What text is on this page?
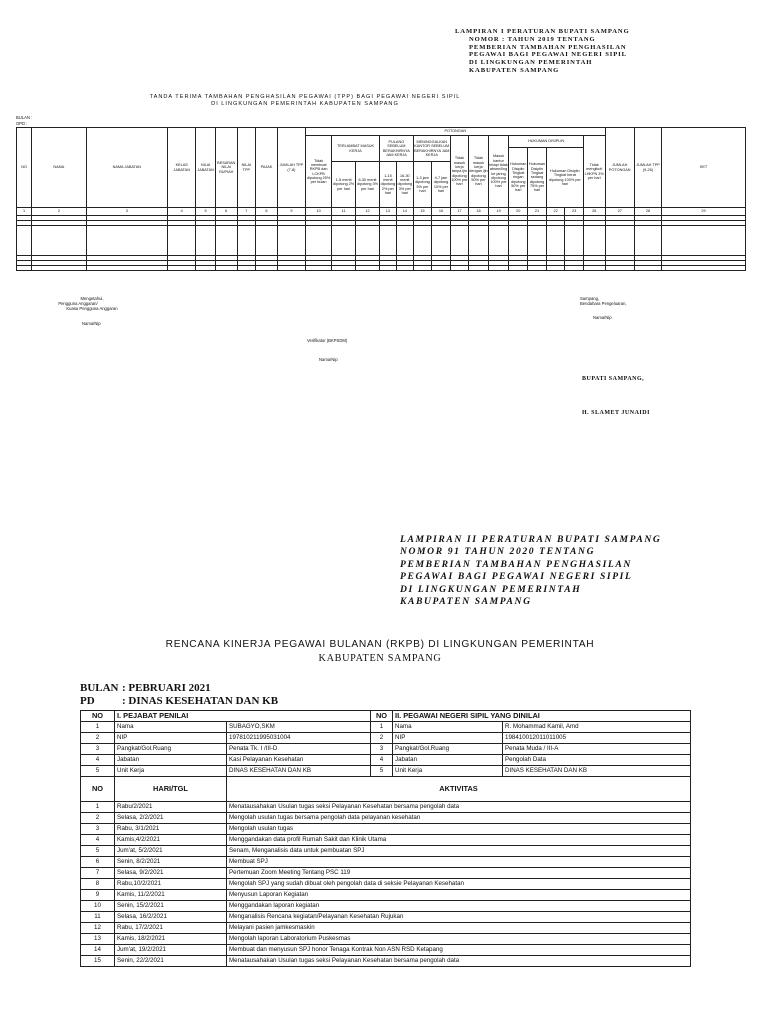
LAMPIRAN I PERATURAN BUPATI SAMPANG
NOMOR : TAHUN 2019 TENTANG
PEMBERIAN TAMBAHAN PENGHASILAN
PEGAWAI BAGI PEGAWAI NEGERI SIPIL
DI LINGKUNGAN PEMERINTAH
KABUPATEN SAMPANG
TANDA TERIMA TAMBAHAN PENGHASILAN PEGAWAI (TPP) BAGI PEGAWAI NEGERI SIPIL
DI LINGKUNGAN PEMERINTAH KABUPATEN SAMPANG
BULAN :
OPD :
NO	NAMA	NAMA JABATAN	KELAS JABATAN	NILAI JABATAN	BESARAN NILAI RUPIAH	NILAI TPP	PAJAK	JUMLAH TPP (7-8)	POTONGAN															JUMLAH POTONGAN	JUMLAH TPP (9-26)	KET
									Tidak membuat RKPB dan LCKPB dipotong 25% per bulan	TERLAMBAT MASUK KERJA		PULANG SEBELUM BERAKHIRNYA JAM KERJA		MENINGGALKAN KANTOR SEBELUM BERAKHIRNYA JAM KERJA		Tidak masuk kerja tanpa ijin dipotong 100% per hari	Tidak masuk kerja dengan ijin dipotong 50% per hari	Masuk kantor tetapi tidak absen/ling ke jaring dipotong 100% per hari	HUKUMAN DISIPLIN				Tidak mengikuti LHKPN 3% per hari			
																			Hukuman Disiplin Tingkat ringan dipotong 50% per hari	Hukuman Disiplin Tingkat sedang dipotong 75% per hari	Hukuman Disiplin Tingkat berat dipotong 100% per hari					
										1-5 menit dipotong 2% per hari	6-30 menit dipotong 3% per hari	1-15 menit dipotong 2% per hari	16-30 menit dipotong 3% per hari	1-3 jam dipotong 5% per hari	4-7 jam dipotong 10% per hari											
1	2	3	4	5	6	7	8	9	10	11	12	13	14	15	16	17	18	19	20	21	22	23	26	27	28	29

Mengetahui,
Pengguna Anggaran/
Kuasa Pengguna Anggaran
Nama/Nip
Sampang,
Bendahara Pengeluaran,
Nama/Nip
Verifikator (BKPSDM)
Nama/Nip
BUPATI SAMPANG,
H. SLAMET JUNAIDI
LAMPIRAN II PERATURAN BUPATI SAMPANG
NOMOR 91 TAHUN 2020 TENTANG
PEMBERIAN TAMBAHAN PENGHASILAN
PEGAWAI BAGI PEGAWAI NEGERI SIPIL
DI LINGKUNGAN PEMERINTAH
KABUPATEN SAMPANG
RENCANA KINERJA PEGAWAI BULANAN (RKPB) DI LINGKUNGAN PEMERINTAH
KABUPATEN SAMPANG
BULAN : PEBRUARI 2021
PD : DINAS KESEHATAN DAN KB
NO	I. PEJABAT PENILAI		NO	II. PEGAWAI NEGERI SIPIL YANG DINILAI	
1	Nama	SUBAGYO,SKM	1	Nama	R. Mohammad Kamil, Amd
2	NIP	197810211995031004	2	NIP	198410012011011005
3	Pangkat/Gol.Ruang	Penata Tk. I /III-D	3	Pangkat/Gol.Ruang	Penata Muda / III-A
4	Jabatan	Kasi Pelayanan Kesehatan	4	Jabatan	Pengolah Data
5	Unit Kerja	DINAS KESEHATAN DAN KB	5	Unit Kerja	DINAS KESEHATAN DAN KB
NO	HARI/TGL	AKTIVITAS			
1	Rabu/2/2021	Menatausahakan Usulan tugas seksi Pelayanan Kesehatan bersama pengolah data			
2	Selasa, 2/2/2021	Mengolah usulan tugas bersama pengolah data pelayanan kesehatan			
3	Rabu, 3/1/2021	Mengolah usulan tugas			
4	Kamis,4/2/2021	Menggandakan data profil Rumah Sakit dan Klinik Utama			
5	Jum'at, 5/2/2021	Senam, Menganalisis data untuk pembuatan SPJ			
6	Senin, 8/2/2021	Membuat SPJ			
7	Selasa, 9/2/2021	Pertemuan Zoom Meeting Tentang PSC 119			
8	Rabu,10/2/2021	Mengolah SPJ yang sudah dibuat oleh pengolah data di seksie Pelayanan Kesehatan			
9	Kamis, 11/2/2021	Menyusun Laporan Kegiatan			
10	Senin, 15/2/2021	Menggandakan laporan kegiatan			
11	Selasa, 16/2/2021	Menganalisis Rencana kegiatan/Pelayanan Kesehatan Rujukan			
12	Rabu, 17/2/2021	Melayani pasien jamkesmaskin			
13	Kamis, 18/2/2021	Mengolah laporan Laboratorium Puskesmas			
14	Jum'at, 19/2/2021	Membuat dan menyusun SPJ honor Tenaga Kontrak Non ASN RSD Ketapang			
15	Senin, 22/2/2021	Menatausahakan Usulan tugas seksi Pelayanan Kesehatan bersama pengolah data			
